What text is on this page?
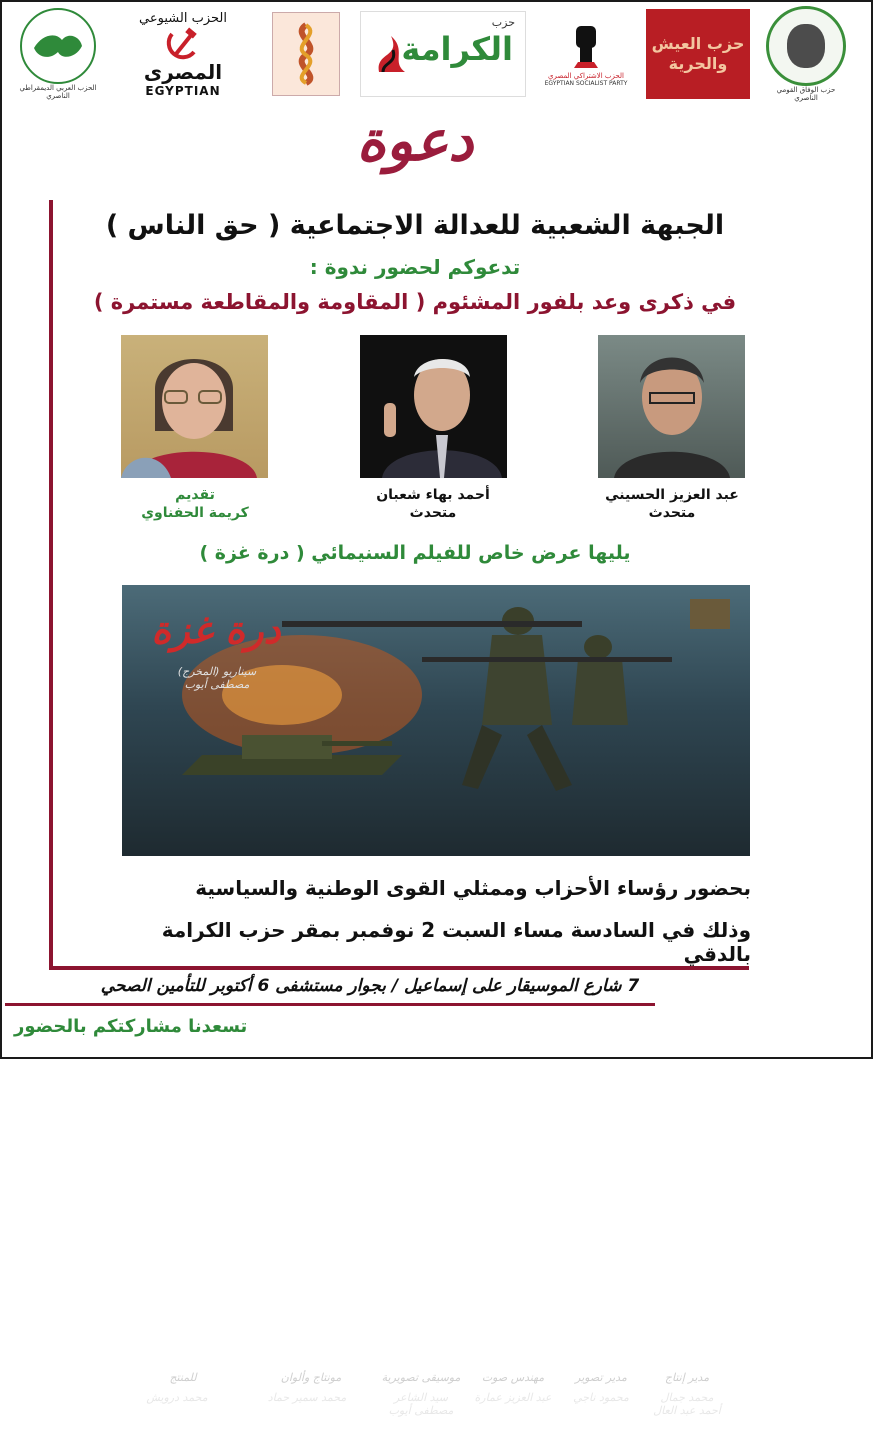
حزب الوفاق القومي الناصري
حزب العيش والحرية
الحزب الاشتراكي المصري
EGYPTIAN SOCIALIST PARTY
حزب
الكرامة
الحزب الشيوعي
المصرى
EGYPTIAN
الحزب العربي الديمقراطي الناصري
دعوة
الجبهة الشعبية للعدالة الاجتماعية ( حق الناس )
تدعوكم لحضور ندوة :
في ذكرى وعد بلفور المشئوم ( المقاومة والمقاطعة مستمرة )
عبد العزيز الحسيني
متحدث
أحمد بهاء شعبان
متحدث
تقديم
كريمة الحفناوي
يليها عرض خاص للفيلم السنيمائي ( درة غزة )
درة غزة
سيناريو (المخرج) مصطفى أيوب
مدير إنتاج
محمد جمال
أحمد عبد العال
مدير تصوير
محمود ناجي
مهندس صوت
عبد العزيز عمارة
موسيقى تصويرية
سيد الشاعر
مصطفى أيوب
مونتاج وألوان
محمد سمير حماد
للمنتج
محمد درويش
بحضور رؤساء الأحزاب وممثلي القوى الوطنية والسياسية
وذلك في السادسة مساء السبت 2 نوفمبر بمقر حزب الكرامة بالدقي
7 شارع الموسيقار على إسماعيل / بجوار مستشفى 6 أكتوبر للتأمين الصحي
تسعدنا مشاركتكم بالحضور
